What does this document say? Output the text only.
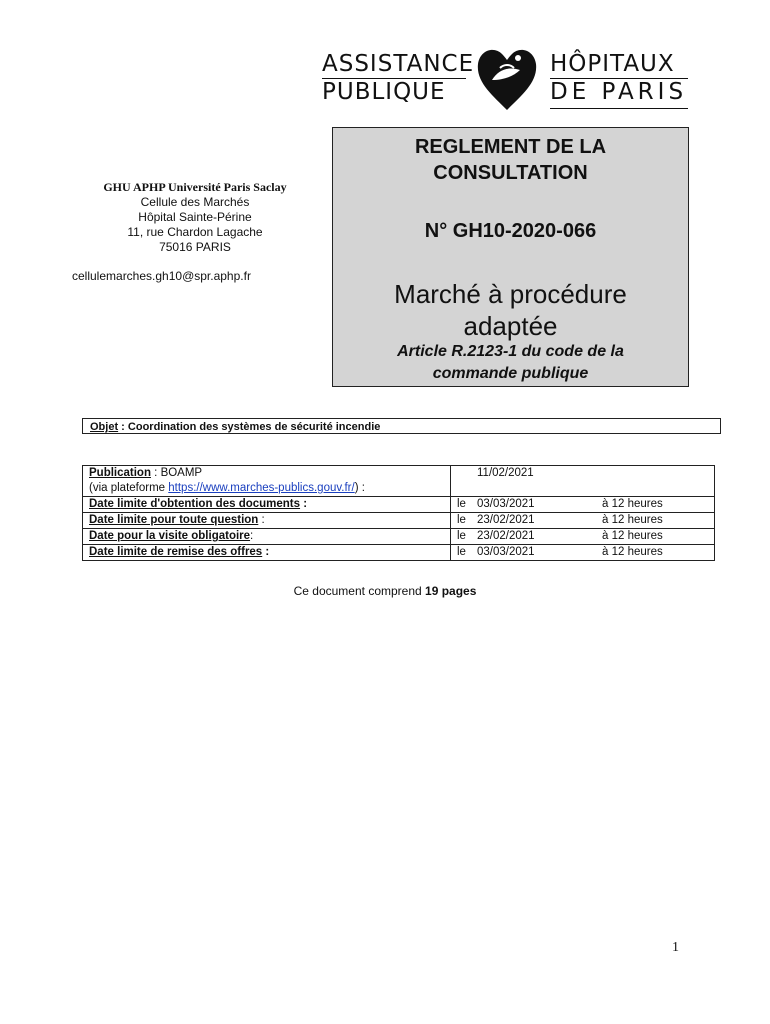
ASSISTANCE
PUBLIQUE
HÔPITAUX
DE PARIS
GHU APHP Université Paris Saclay
Cellule des Marchés
Hôpital Sainte-Périne
11, rue Chardon Lagache
75016 PARIS
cellulemarches.gh10@spr.aphp.fr
REGLEMENT DE LA
CONSULTATION
N° GH10-2020-066
Marché à procédure
adaptée
Article R.2123-1 du code de la
commande publique
Objet : Coordination des systèmes de sécurité incendie
Publication : BOAMP
(via plateforme https://www.marches-publics.gouv.fr/) :	11/02/2021
Date limite d'obtention des documents :	le 03/03/2021 à 12 heures

Date limite pour toute question :	le 23/02/2021 à 12 heures

Date pour la visite obligatoire:	le 23/02/2021 à 12 heures

Date limite de remise des offres :	le 03/03/2021 à 12 heures
Ce document comprend 19 pages
1
